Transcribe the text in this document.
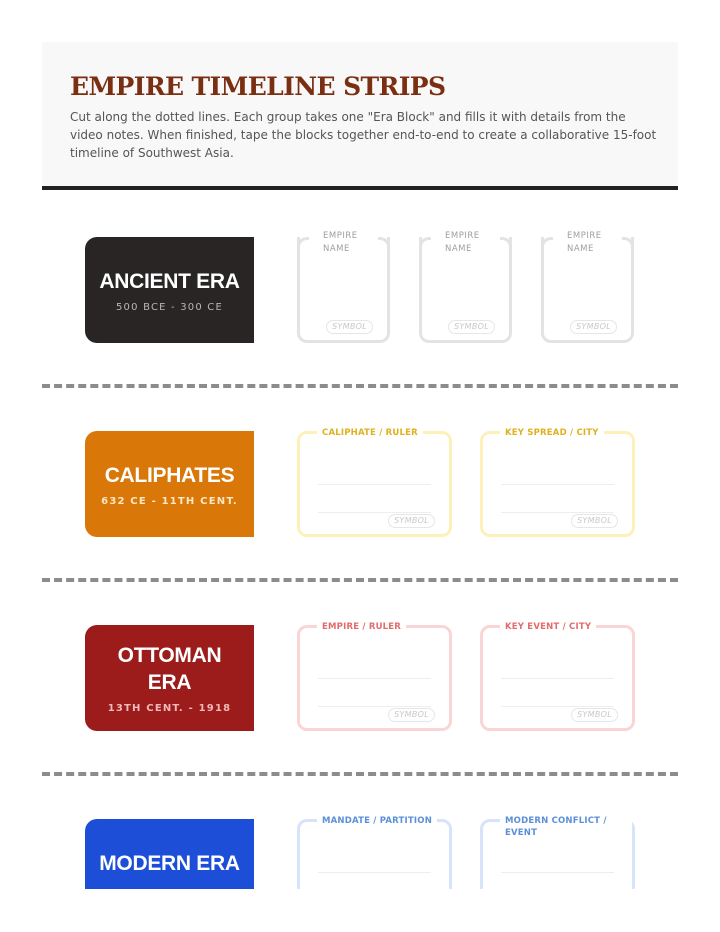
EMPIRE TIMELINE STRIPS

Cut along the dotted lines. Each group takes one "Era Block" and fills it with details from the video notes. When finished, tape the blocks together end-to-end to create a collaborative 15-foot timeline of Southwest Asia.

ANCIENT ERA
500 BCE - 300 CE
EMPIRE NAME
SYMBOL
EMPIRE NAME
SYMBOL
EMPIRE NAME
SYMBOL
CALIPHATES
632 CE - 11TH CENT.
CALIPHATE / RULER
SYMBOL
KEY SPREAD / CITY
SYMBOL
OTTOMAN
ERA
13TH CENT. - 1918
EMPIRE / RULER
SYMBOL
KEY EVENT / CITY
SYMBOL
MODERN ERA
MANDATE / PARTITION	MODERN CONFLICT / EVENT
